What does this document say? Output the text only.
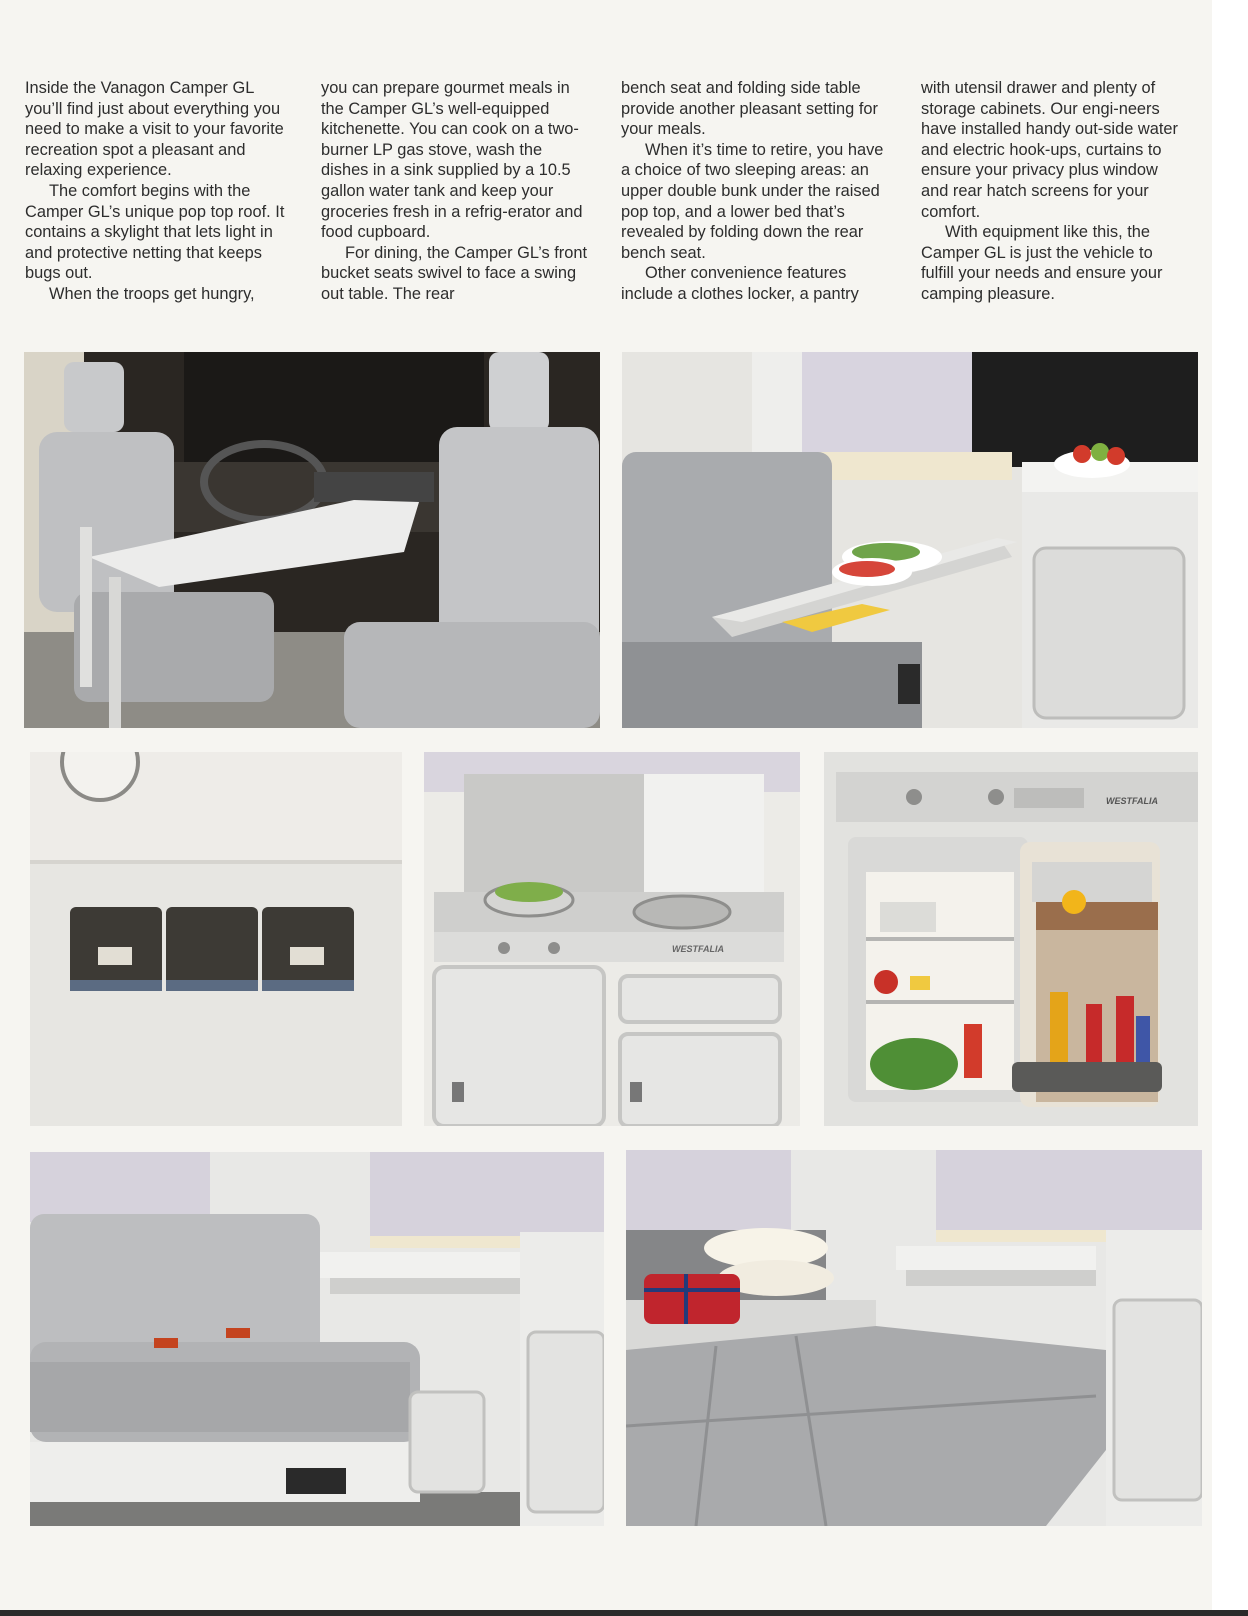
Inside the Vanagon Camper GL you’ll find just about everything you need to make a visit to your favorite recreation spot a pleasant and relaxing experience.

The comfort begins with the Camper GL’s unique pop top roof. It contains a skylight that lets light in and protective netting that keeps bugs out.

When the troops get hungry,

you can prepare gourmet meals in the Camper GL’s well-equipped kitchenette. You can cook on a two-burner LP gas stove, wash the dishes in a sink supplied by a 10.5 gallon water tank and keep your groceries fresh in a refrig-erator and food cupboard.

For dining, the Camper GL’s front bucket seats swivel to face a swing out table. The rear

bench seat and folding side table provide another pleasant setting for your meals.

When it’s time to retire, you have a choice of two sleeping areas: an upper double bunk under the raised pop top, and a lower bed that’s revealed by folding down the rear bench seat.

Other convenience features include a clothes locker, a pantry

with utensil drawer and plenty of storage cabinets. Our engi-neers have installed handy out-side water and electric hook-ups, curtains to ensure your privacy plus window and rear hatch screens for your comfort.

With equipment like this, the Camper GL is just the vehicle to fulfill your needs and ensure your camping pleasure.

WESTFALIA
WESTFALIA
